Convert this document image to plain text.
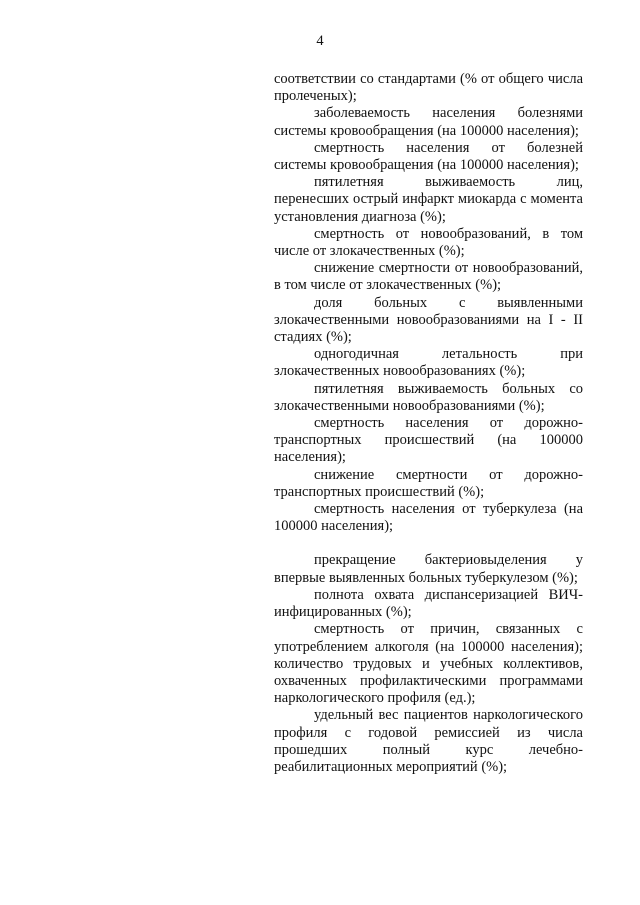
4

соответствии со стандартами (% от общего числа пролеченых);

заболеваемость населения болезнями системы кровообращения (на 100000 населения);

смертность населения от болезней системы кровообращения (на 100000 населения);

пятилетняя выживаемость лиц, перенесших острый инфаркт миокарда с момента установления диагноза (%);

смертность от новообразований, в том числе от злокачественных (%);

снижение смертности от новообразований, в том числе от злокачественных (%);

доля больных с выявленными злокачественными новообразованиями на I - II стадиях (%);

одногодичная летальность при злокачественных новообразованиях (%);

пятилетняя выживаемость больных со злокачественными новообразованиями (%);

смертность населения от дорожно-транспортных происшествий (на 100000 населения);

снижение смертности от дорожно-транспортных происшествий (%);

смертность населения от туберкулеза (на 100000 населения);

прекращение бактериовыделения у впервые выявленных больных туберкулезом (%);

полнота охвата диспансеризацией ВИЧ-инфицированных (%);

смертность от причин, связанных с употреблением алкоголя (на 100000 населения); количество трудовых и учебных коллективов, охваченных профилактическими программами наркологического профиля (ед.);

удельный вес пациентов наркологического профиля с годовой ремиссией из числа прошедших полный курс лечебно-реабилитационных мероприятий (%);
